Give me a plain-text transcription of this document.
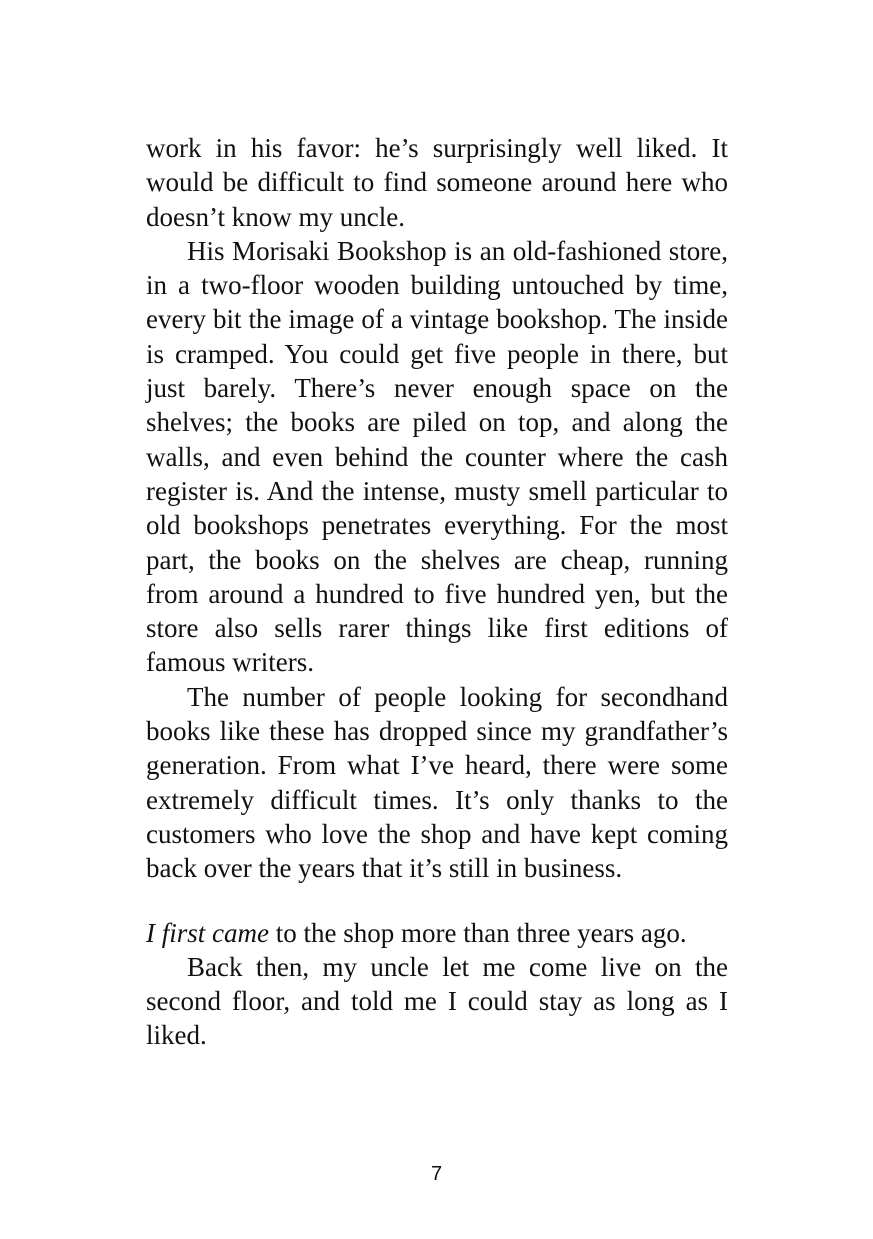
work in his favor: he’s surprisingly well liked. It would be difficult to find someone around here who doesn’t know my uncle.

His Morisaki Bookshop is an old-fashioned store, in a two-floor wooden building untouched by time, every bit the image of a vintage bookshop. The inside is cramped. You could get five people in there, but just barely. There’s never enough space on the shelves; the books are piled on top, and along the walls, and even behind the counter where the cash register is. And the intense, musty smell particular to old bookshops penetrates everything. For the most part, the books on the shelves are cheap, running from around a hundred to five hundred yen, but the store also sells rarer things like first editions of famous writers.

The number of people looking for secondhand books like these has dropped since my grandfather’s generation. From what I’ve heard, there were some extremely difficult times. It’s only thanks to the customers who love the shop and have kept coming back over the years that it’s still in business.

I first came to the shop more than three years ago.

Back then, my uncle let me come live on the second floor, and told me I could stay as long as I liked.

7
